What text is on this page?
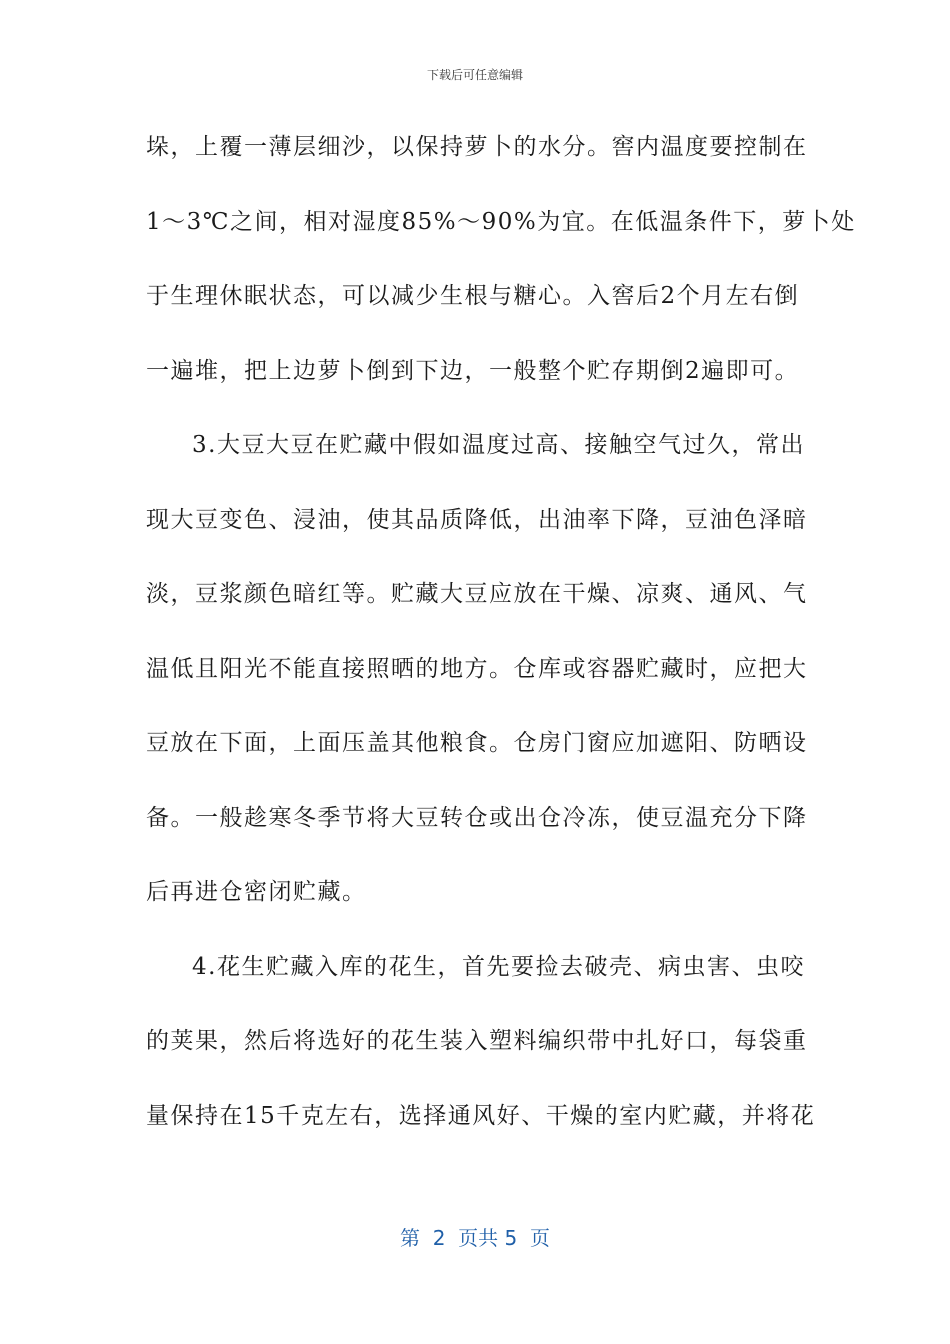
下载后可任意编辑
垛，上覆一薄层细沙，以保持萝卜的水分。窖内温度要控制在
1～3℃之间，相对湿度85%～90%为宜。在低温条件下，萝卜处
于生理休眠状态，可以减少生根与糖心。入窖后2个月左右倒
一遍堆，把上边萝卜倒到下边，一般整个贮存期倒2遍即可。
3.大豆大豆在贮藏中假如温度过高、接触空气过久，常出
现大豆变色、浸油，使其品质降低，出油率下降，豆油色泽暗
淡，豆浆颜色暗红等。贮藏大豆应放在干燥、凉爽、通风、气
温低且阳光不能直接照晒的地方。仓库或容器贮藏时，应把大
豆放在下面，上面压盖其他粮食。仓房门窗应加遮阳、防晒设
备。一般趁寒冬季节将大豆转仓或出仓冷冻，使豆温充分下降
后再进仓密闭贮藏。
4.花生贮藏入库的花生，首先要捡去破壳、病虫害、虫咬
的荚果，然后将选好的花生装入塑料编织带中扎好口，每袋重
量保持在15千克左右，选择通风好、干燥的室内贮藏，并将花
第  2  页共 5  页
